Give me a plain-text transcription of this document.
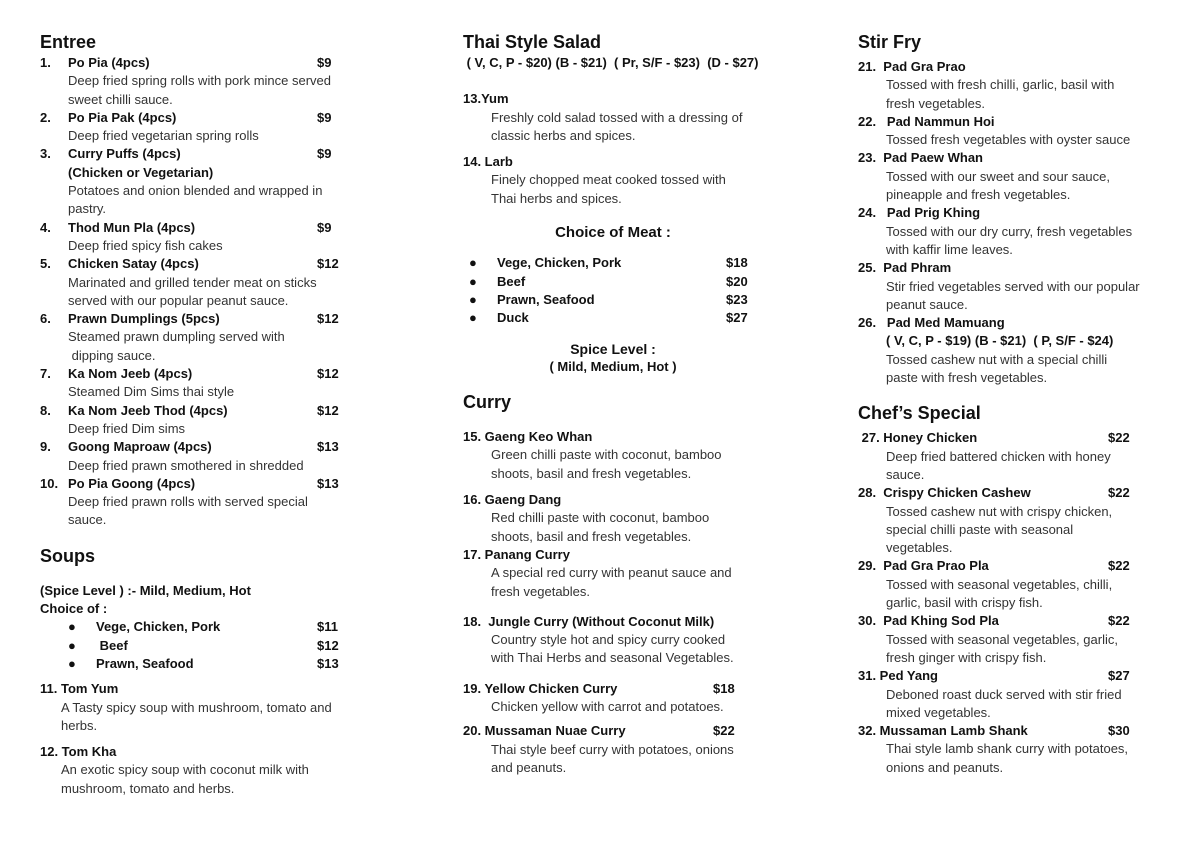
Entree
1. Po Pia (4pcs)	$9
Deep fried spring rolls with pork mince served
sweet chilli sauce.
2. Po Pia Pak (4pcs)	$9
Deep fried vegetarian spring rolls
3. Curry Puffs (4pcs)	$9
(Chicken or Vegetarian)
Potatoes and onion blended and wrapped in
pastry.
4. Thod Mun Pla (4pcs)	$9
Deep fried spicy fish cakes
5. Chicken Satay (4pcs)	$12
Marinated and grilled tender meat on sticks
served with our popular peanut sauce.
6. Prawn Dumplings (5pcs)	$12
Steamed prawn dumpling served with
dipping sauce.
7. Ka Nom Jeeb (4pcs)	$12
Steamed Dim Sims thai style
8. Ka Nom Jeeb Thod (4pcs)	$12
Deep fried Dim sims
9. Goong Maproaw (4pcs)	$13
Deep fried prawn smothered in shredded
10. Po Pia Goong (4pcs)	$13
Deep fried prawn rolls with served special
sauce.
Soups
(Spice Level ) :- Mild, Medium, Hot
Choice of :
● Vege, Chicken, Pork	$11
● Beef	$12
● Prawn, Seafood	$13
11. Tom Yum
A Tasty spicy soup with mushroom, tomato and
herbs.
12. Tom Kha
An exotic spicy soup with coconut milk with
mushroom, tomato and herbs.
Thai Style Salad
( V, C, P - $20) (B - $21)  ( Pr, S/F - $23)  (D - $27)
13.Yum
Freshly cold salad tossed with a dressing of
classic herbs and spices.
14. Larb
Finely chopped meat cooked tossed with
Thai herbs and spices.
Choice of Meat :
● Vege, Chicken, Pork	$18
● Beef	$20
● Prawn, Seafood	$23
● Duck	$27
Spice Level :
( Mild, Medium, Hot )
Curry
15. Gaeng Keo Whan
Green chilli paste with coconut, bamboo
shoots, basil and fresh vegetables.
16. Gaeng Dang
Red chilli paste with coconut, bamboo
shoots, basil and fresh vegetables.
17. Panang Curry
A special red curry with peanut sauce and
fresh vegetables.
18.  Jungle Curry (Without Coconut Milk)
Country style hot and spicy curry cooked
with Thai Herbs and seasonal Vegetables.
19. Yellow Chicken Curry	$18
Chicken yellow with carrot and potatoes.
20. Mussaman Nuae Curry	$22
Thai style beef curry with potatoes, onions
and peanuts.
Stir Fry
21.  Pad Gra Prao
Tossed with fresh chilli, garlic, basil with
fresh vegetables.
22.   Pad Nammun Hoi
Tossed fresh vegetables with oyster sauce
23.  Pad Paew Whan
Tossed with our sweet and sour sauce,
pineapple and fresh vegetables.
24.   Pad Prig Khing
Tossed with our dry curry, fresh vegetables
with kaffir lime leaves.
25.  Pad Phram
Stir fried vegetables served with our popular
peanut sauce.
26.   Pad Med Mamuang
( V, C, P - $19) (B - $21)  ( P, S/F - $24)
Tossed cashew nut with a special chilli
paste with fresh vegetables.
Chef’s Special
27. Honey Chicken	$22
Deep fried battered chicken with honey
sauce.
28.  Crispy Chicken Cashew	$22
Tossed cashew nut with crispy chicken,
special chilli paste with seasonal
vegetables.
29.  Pad Gra Prao Pla	$22
Tossed with seasonal vegetables, chilli,
garlic, basil with crispy fish.
30.  Pad Khing Sod Pla	$22
Tossed with seasonal vegetables, garlic,
fresh ginger with crispy fish.
31. Ped Yang	$27
Deboned roast duck served with stir fried
mixed vegetables.
32. Mussaman Lamb Shank	$30
Thai style lamb shank curry with potatoes,
onions and peanuts.
